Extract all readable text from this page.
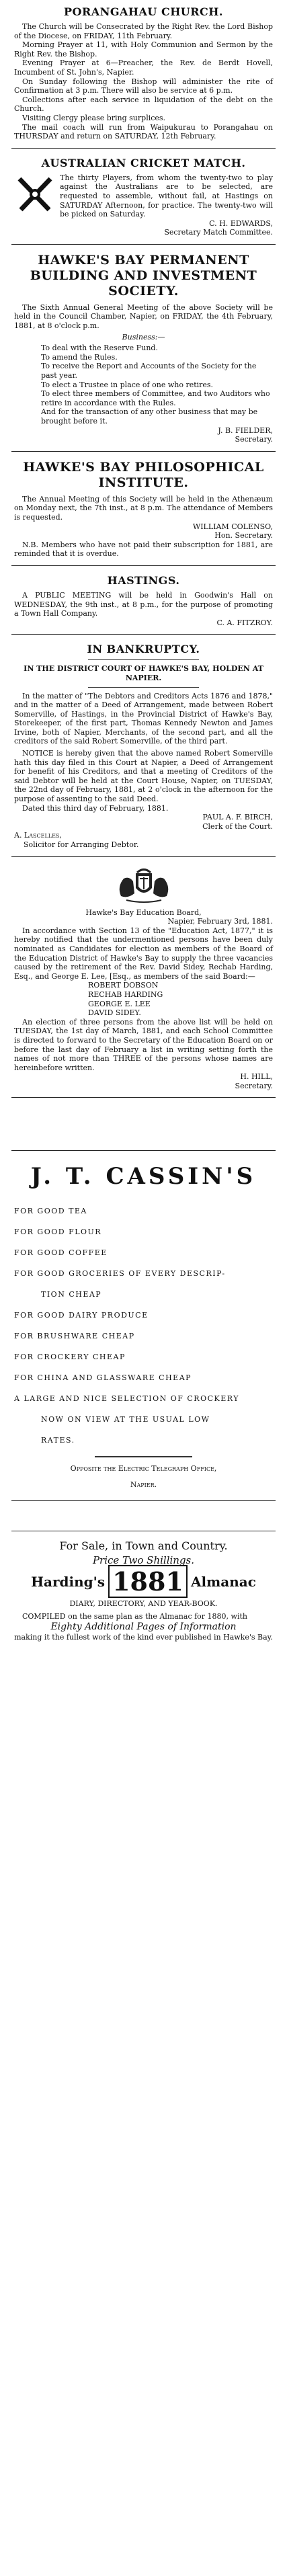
PORANGAHAU CHURCH.

The Church will be Consecrated by the Right Rev. the Lord Bishop of the Diocese, on FRIDAY, 11th February.

Morning Prayer at 11, with Holy Communion and Sermon by the Right Rev. the Bishop.

Evening Prayer at 6—Preacher, the Rev. de Berdt Hovell, Incumbent of St. John's, Napier.

On Sunday following the Bishop will administer the rite of Confirmation at 3 p.m. There will also be service at 6 p.m.

Collections after each service in liquidation of the debt on the Church.

Visiting Clergy please bring surplices.

The mail coach will run from Waipukurau to Porangahau on THURSDAY and return on SATURDAY, 12th February.

AUSTRALIAN CRICKET MATCH.

The thirty Players, from whom the twenty-two to play against the Australians are to be selected, are requested to assemble, without fail, at Hastings on SATURDAY Afternoon, for practice. The twenty-two will be picked on Saturday.

C. H. EDWARDS,

Secretary Match Committee.

HAWKE'S BAY PERMANENT BUILDING AND INVESTMENT SOCIETY.

The Sixth Annual General Meeting of the above Society will be held in the Council Chamber, Napier, on FRIDAY, the 4th February, 1881, at 8 o'clock p.m.

Business:—

To deal with the Reserve Fund.

To amend the Rules.

To receive the Report and Accounts of the Society for the past year.

To elect a Trustee in place of one who retires.

To elect three members of Committee, and two Auditors who retire in accordance with the Rules.

And for the transaction of any other business that may be brought before it.

J. B. FIELDER,

Secretary.

HAWKE'S BAY PHILOSOPHICAL INSTITUTE.

The Annual Meeting of this Society will be held in the Athenæum on Monday next, the 7th inst., at 8 p.m. The attendance of Members is requested.

WILLIAM COLENSO,

Hon. Secretary.

N.B. Members who have not paid their subscription for 1881, are reminded that it is overdue.

HASTINGS.

A PUBLIC MEETING will be held in Goodwin's Hall on WEDNESDAY, the 9th inst., at 8 p.m., for the purpose of promoting a Town Hall Company.

C. A. FITZROY.

IN BANKRUPTCY.

IN THE DISTRICT COURT OF HAWKE'S BAY, HOLDEN AT NAPIER.

In the matter of "The Debtors and Creditors Acts 1876 and 1878," and in the matter of a Deed of Arrangement, made between Robert Somerville, of Hastings, in the Provincial District of Hawke's Bay, Storekeeper, of the first part, Thomas Kennedy Newton and James Irvine, both of Napier, Merchants, of the second part, and all the creditors of the said Robert Somerville, of the third part.

NOTICE is hereby given that the above named Robert Somerville hath this day filed in this Court at Napier, a Deed of Arrangement for benefit of his Creditors, and that a meeting of Creditors of the said Debtor will be held at the Court House, Napier, on TUESDAY, the 22nd day of February, 1881, at 2 o'clock in the afternoon for the purpose of assenting to the said Deed.

Dated this third day of February, 1881.

PAUL A. F. BIRCH,

Clerk of the Court.

A. Lascelles,

Solicitor for Arranging Debtor.

Hawke's Bay Education Board,

Napier, February 3rd, 1881.

In accordance with Section 13 of the "Education Act, 1877," it is hereby notified that the undermentioned persons have been duly nominated as Candidates for election as members of the Board of the Education District of Hawke's Bay to supply the three vacancies caused by the retirement of the Rev. David Sidey, Rechab Harding, Esq., and George E. Lee, [Esq., as members of the said Board:—

ROBERT DOBSON

RECHAB HARDING

GEORGE E. LEE

DAVID SIDEY.

An election of three persons from the above list will be held on TUESDAY, the 1st day of March, 1881, and each School Committee is directed to forward to the Secretary of the Education Board on or before the last day of February a list in writing setting forth the names of not more than THREE of the persons whose names are hereinbefore written.

H. HILL,

Secretary.

J. T. CASSIN'S

FOR GOOD TEA

FOR GOOD FLOUR

FOR GOOD COFFEE

FOR GOOD GROCERIES OF EVERY DESCRIP-

TION CHEAP

FOR GOOD DAIRY PRODUCE

FOR BRUSHWARE CHEAP

FOR CROCKERY CHEAP

FOR CHINA AND GLASSWARE CHEAP

A LARGE AND NICE SELECTION OF CROCKERY

NOW ON VIEW AT THE USUAL LOW

RATES.

Opposite the Electric Telegraph Office,

Napier.

For Sale, in Town and Country.

Price Two Shillings.

Harding's 1881 Almanac

DIARY, DIRECTORY, AND YEAR-BOOK.

COMPILED on the same plan as the Almanac for 1880, with

Eighty Additional Pages of Information

making it the fullest work of the kind ever published in Hawke's Bay.
